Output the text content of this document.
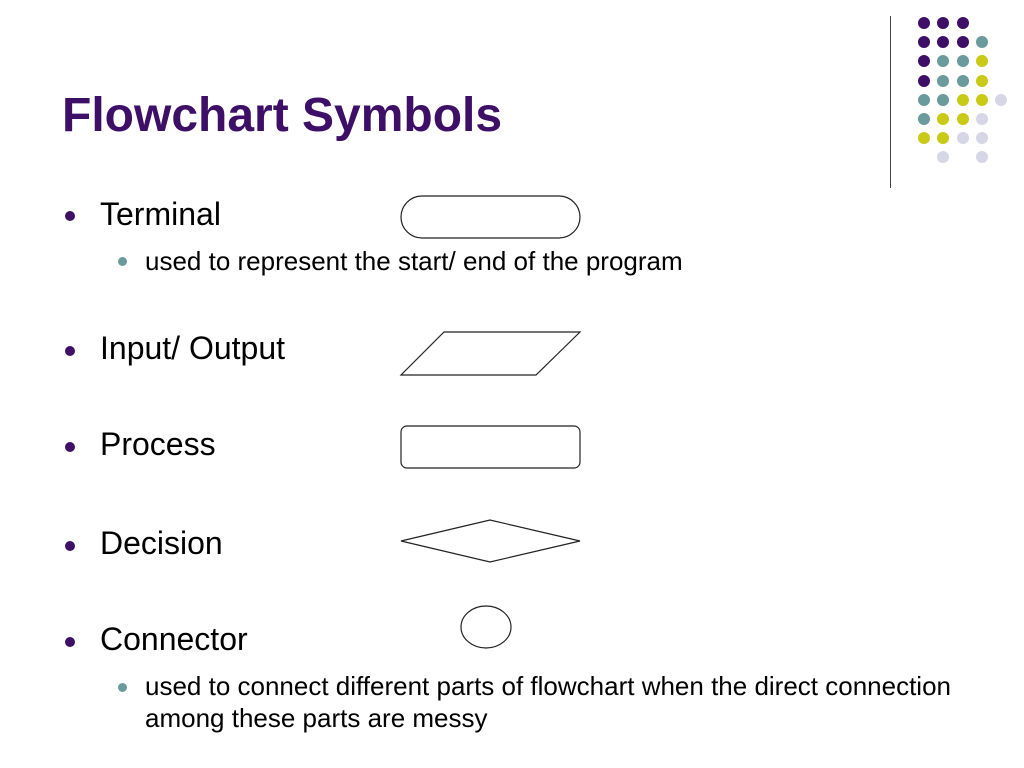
Flowchart Symbols
Terminal
used to represent the start/ end of the program
Input/ Output
Process
Decision
Connector
used to connect different parts of flowchart when the direct connection among these parts are messy
